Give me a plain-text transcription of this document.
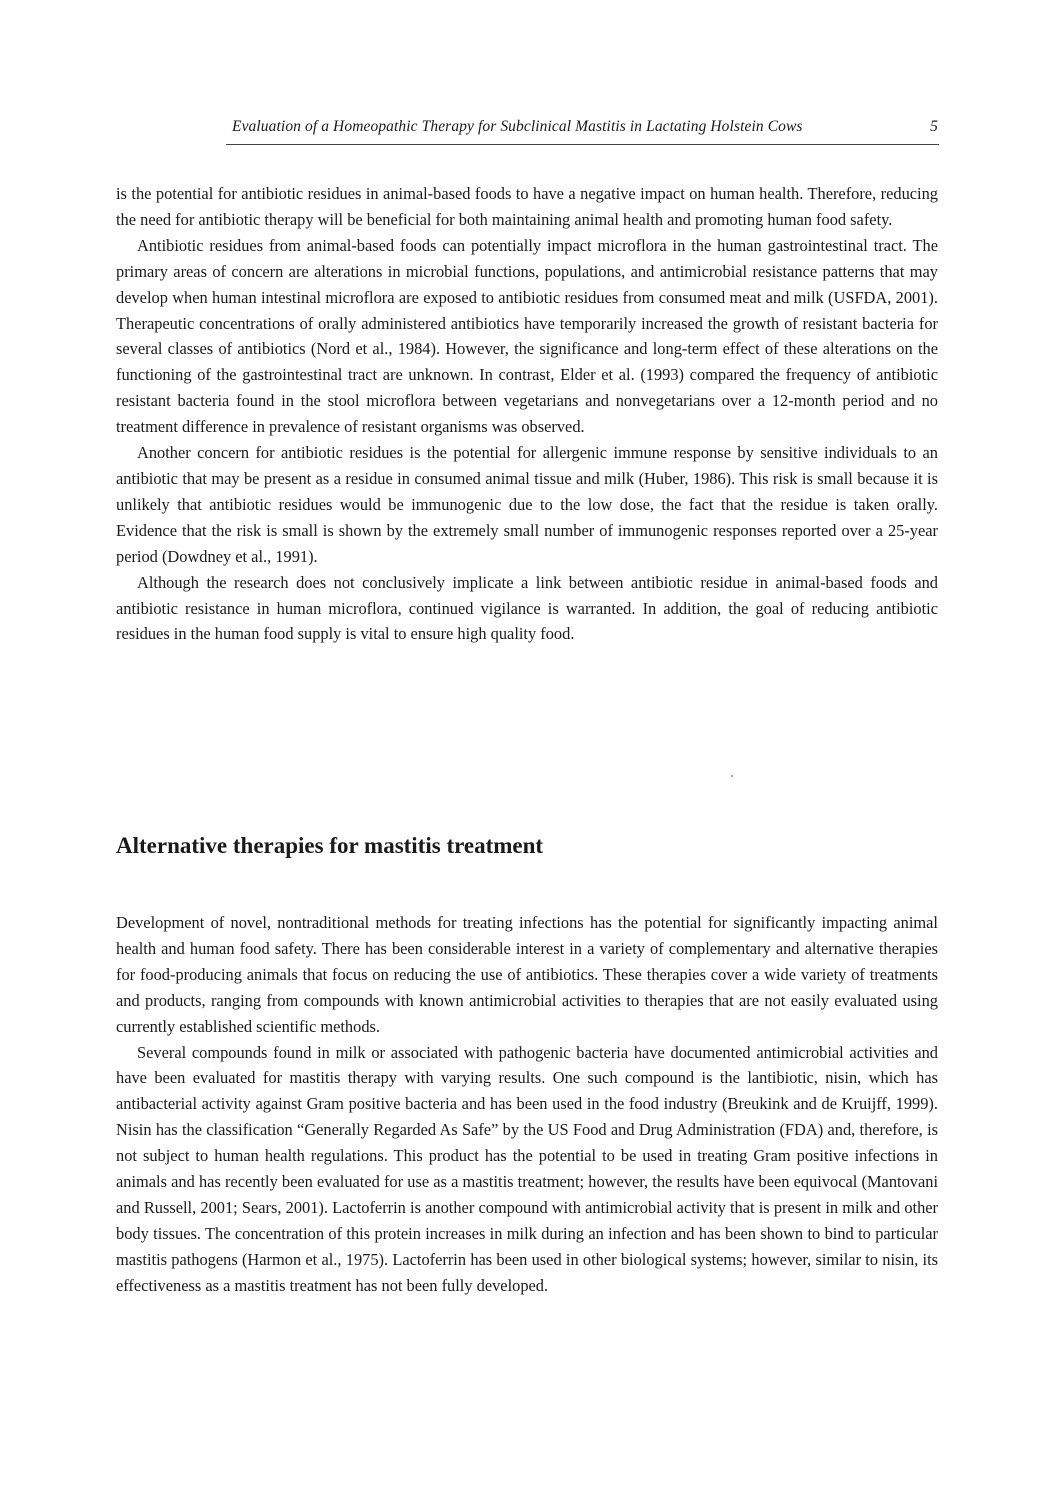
Evaluation of a Homeopathic Therapy for Subclinical Mastitis in Lactating Holstein Cows	5

is the potential for antibiotic residues in animal-based foods to have a negative impact on human health. Therefore, reducing the need for antibiotic therapy will be beneficial for both maintaining animal health and promoting human food safety.

Antibiotic residues from animal-based foods can potentially impact microflora in the human gastrointestinal tract. The primary areas of concern are alterations in microbial functions, populations, and antimicrobial resistance patterns that may develop when human intestinal microflora are exposed to antibiotic residues from consumed meat and milk (USFDA, 2001). Therapeutic concentrations of orally administered antibiotics have temporarily increased the growth of resistant bacteria for several classes of antibiotics (Nord et al., 1984). However, the significance and long-term effect of these alterations on the functioning of the gastrointestinal tract are unknown. In contrast, Elder et al. (1993) compared the frequency of antibiotic resistant bacteria found in the stool microflora between vegetarians and nonvegetarians over a 12-month period and no treatment difference in prevalence of resistant organisms was observed.

Another concern for antibiotic residues is the potential for allergenic immune response by sensitive individuals to an antibiotic that may be present as a residue in consumed animal tissue and milk (Huber, 1986). This risk is small because it is unlikely that antibiotic residues would be immunogenic due to the low dose, the fact that the residue is taken orally. Evidence that the risk is small is shown by the extremely small number of immunogenic responses reported over a 25-year period (Dowdney et al., 1991).

Although the research does not conclusively implicate a link between antibiotic residue in animal-based foods and antibiotic resistance in human microflora, continued vigilance is warranted. In addition, the goal of reducing antibiotic residues in the human food supply is vital to ensure high quality food.

Alternative therapies for mastitis treatment

Development of novel, nontraditional methods for treating infections has the potential for significantly impacting animal health and human food safety. There has been considerable interest in a variety of complementary and alternative therapies for food-producing animals that focus on reducing the use of antibiotics. These therapies cover a wide variety of treatments and products, ranging from compounds with known antimicrobial activities to therapies that are not easily evaluated using currently established scientific methods.

Several compounds found in milk or associated with pathogenic bacteria have documented antimicrobial activities and have been evaluated for mastitis therapy with varying results. One such compound is the lantibiotic, nisin, which has antibacterial activity against Gram positive bacteria and has been used in the food industry (Breukink and de Kruijff, 1999). Nisin has the classification “Generally Regarded As Safe” by the US Food and Drug Administration (FDA) and, therefore, is not subject to human health regulations. This product has the potential to be used in treating Gram positive infections in animals and has recently been evaluated for use as a mastitis treatment; however, the results have been equivocal (Mantovani and Russell, 2001; Sears, 2001). Lactoferrin is another compound with antimicrobial activity that is present in milk and other body tissues. The concentration of this protein increases in milk during an infection and has been shown to bind to particular mastitis pathogens (Harmon et al., 1975). Lactoferrin has been used in other biological systems; however, similar to nisin, its effectiveness as a mastitis treatment has not been fully developed.
